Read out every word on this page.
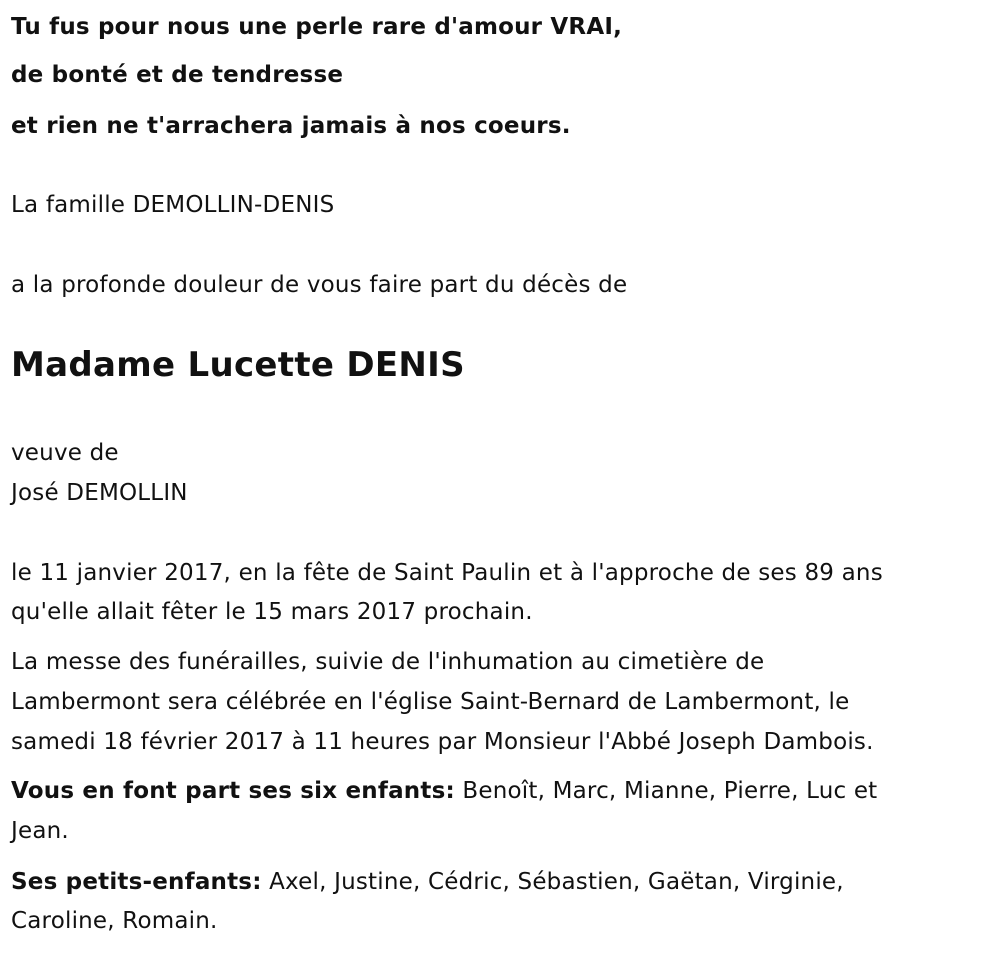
Tu fus pour nous une perle rare d'amour VRAI,
de bonté et de tendresse
et rien ne t'arrachera jamais à nos coeurs.
La famille DEMOLLIN-DENIS
a la profonde douleur de vous faire part du décès de
Madame Lucette DENIS
veuve de
José DEMOLLIN
le 11 janvier 2017, en la fête de Saint Paulin et à l'approche de ses 89 ans
qu'elle allait fêter le 15 mars 2017 prochain.
La messe des funérailles, suivie de l'inhumation au cimetière de
Lambermont sera célébrée en l'église Saint-Bernard de Lambermont, le
samedi 18 février 2017 à 11 heures par Monsieur l'Abbé Joseph Dambois.
Vous en font part ses six enfants: Benoît, Marc, Mianne, Pierre, Luc et
Jean.
Ses petits-enfants: Axel, Justine, Cédric, Sébastien, Gaëtan, Virginie,
Caroline, Romain.
